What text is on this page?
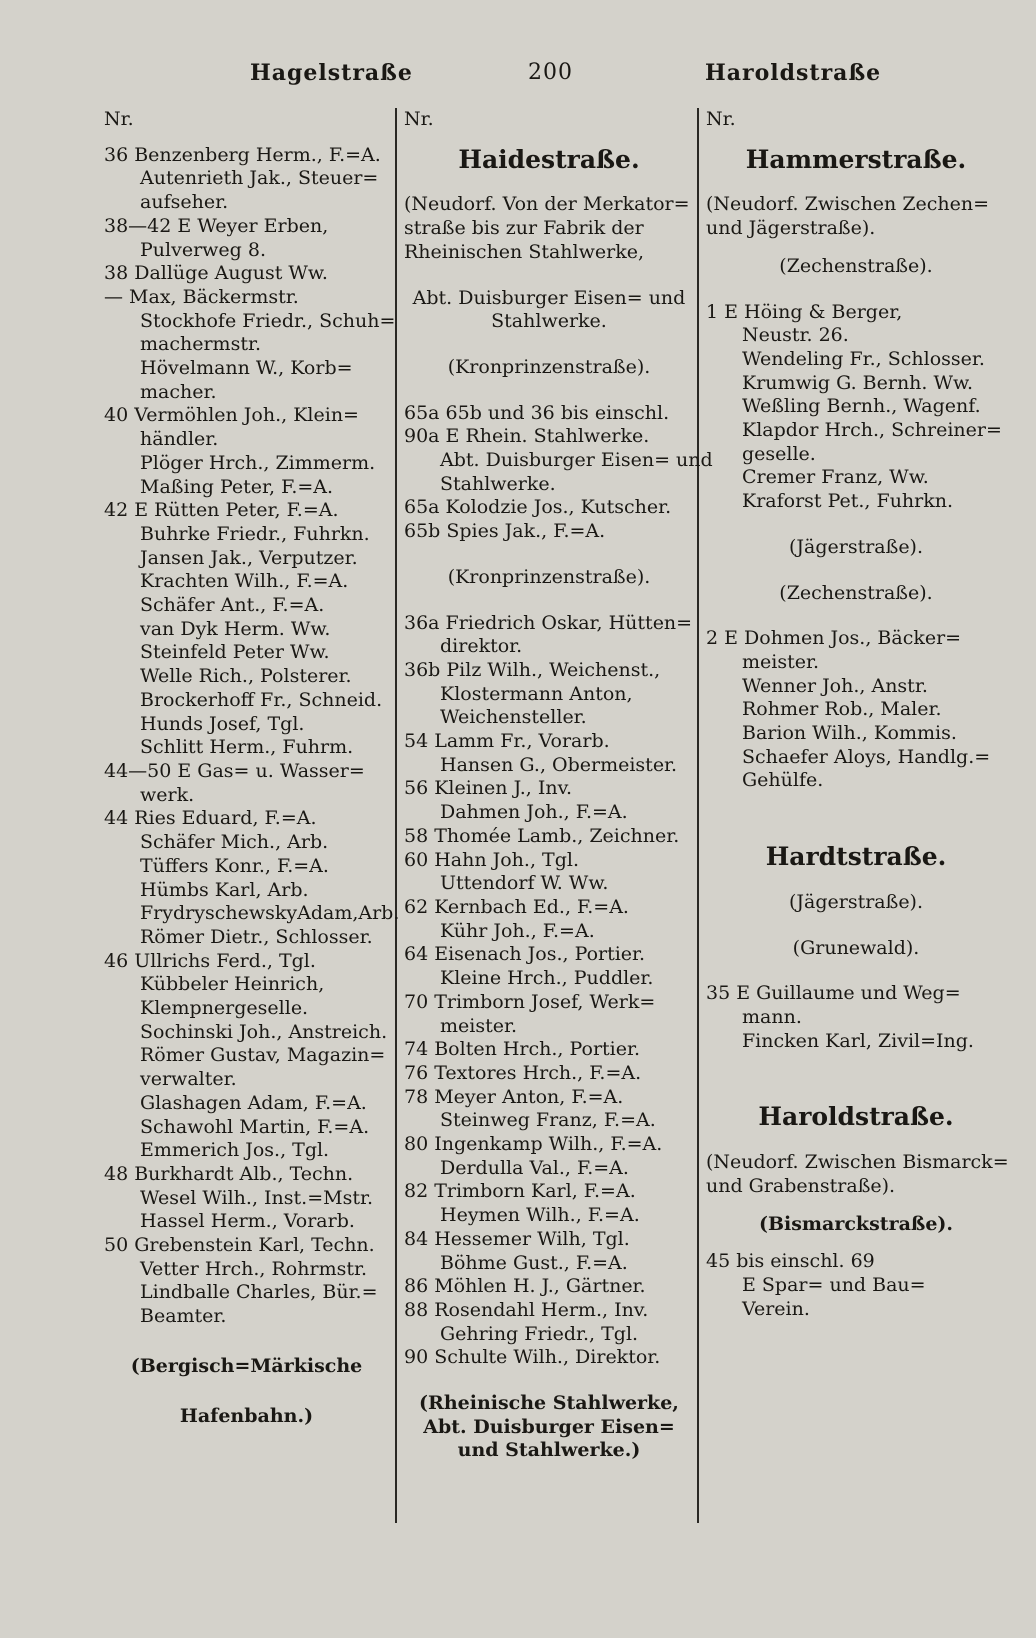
Hagelstraße	200	Haroldstraße
Nr.
36 Benzenberg Herm., F.=A.
Autenrieth Jak., Steuer=
aufseher.
38—42 E Weyer Erben,
Pulverweg 8.
38 Dallüge August Ww.
— Max, Bäckermstr.
Stockhofe Friedr., Schuh=
machermstr.
Hövelmann W., Korb=
macher.
40 Vermöhlen Joh., Klein=
händler.
Plöger Hrch., Zimmerm.
Maßing Peter, F.=A.
42 E Rütten Peter, F.=A.
Buhrke Friedr., Fuhrkn.
Jansen Jak., Verputzer.
Krachten Wilh., F.=A.
Schäfer Ant., F.=A.
van Dyk Herm. Ww.
Steinfeld Peter Ww.
Welle Rich., Polsterer.
Brockerhoff Fr., Schneid.
Hunds Josef, Tgl.
Schlitt Herm., Fuhrm.
44—50 E Gas= u. Wasser=
werk.
44 Ries Eduard, F.=A.
Schäfer Mich., Arb.
Tüffers Konr., F.=A.
Hümbs Karl, Arb.
FrydryschewskyAdam,Arb.
Römer Dietr., Schlosser.
46 Ullrichs Ferd., Tgl.
Kübbeler Heinrich,
Klempnergeselle.
Sochinski Joh., Anstreich.
Römer Gustav, Magazin=
verwalter.
Glashagen Adam, F.=A.
Schawohl Martin, F.=A.
Emmerich Jos., Tgl.
48 Burkhardt Alb., Techn.
Wesel Wilh., Inst.=Mstr.
Hassel Herm., Vorarb.
50 Grebenstein Karl, Techn.
Vetter Hrch., Rohrmstr.
Lindballe Charles, Bür.=
Beamter.
(Bergisch=Märkische
Hafenbahn.)
Nr.
Haidestraße.
(Neudorf. Von der Merkator=
straße bis zur Fabrik der
Rheinischen Stahlwerke,
Abt. Duisburger Eisen= und
Stahlwerke.
(Kronprinzenstraße).
65a 65b und 36 bis einschl.
90a E Rhein. Stahlwerke.
Abt. Duisburger Eisen= und
Stahlwerke.
65a Kolodzie Jos., Kutscher.
65b Spies Jak., F.=A.
(Kronprinzenstraße).
36a Friedrich Oskar, Hütten=
direktor.
36b Pilz Wilh., Weichenst.,
Klostermann Anton,
Weichensteller.
54 Lamm Fr., Vorarb.
Hansen G., Obermeister.
56 Kleinen J., Inv.
Dahmen Joh., F.=A.
58 Thomée Lamb., Zeichner.
60 Hahn Joh., Tgl.
Uttendorf W. Ww.
62 Kernbach Ed., F.=A.
Kühr Joh., F.=A.
64 Eisenach Jos., Portier.
Kleine Hrch., Puddler.
70 Trimborn Josef, Werk=
meister.
74 Bolten Hrch., Portier.
76 Textores Hrch., F.=A.
78 Meyer Anton, F.=A.
Steinweg Franz, F.=A.
80 Ingenkamp Wilh., F.=A.
Derdulla Val., F.=A.
82 Trimborn Karl, F.=A.
Heymen Wilh., F.=A.
84 Hessemer Wilh, Tgl.
Böhme Gust., F.=A.
86 Möhlen H. J., Gärtner.
88 Rosendahl Herm., Inv.
Gehring Friedr., Tgl.
90 Schulte Wilh., Direktor.
(Rheinische Stahlwerke,
Abt. Duisburger Eisen=
und Stahlwerke.)
Nr.
Hammerstraße.
(Neudorf. Zwischen Zechen=
und Jägerstraße).
(Zechenstraße).
1 E Höing & Berger,
Neustr. 26.
Wendeling Fr., Schlosser.
Krumwig G. Bernh. Ww.
Weßling Bernh., Wagenf.
Klapdor Hrch., Schreiner=
geselle.
Cremer Franz, Ww.
Kraforst Pet., Fuhrkn.
(Jägerstraße).
(Zechenstraße).
2 E Dohmen Jos., Bäcker=
meister.
Wenner Joh., Anstr.
Rohmer Rob., Maler.
Barion Wilh., Kommis.
Schaefer Aloys, Handlg.=
Gehülfe.
Hardtstraße.
(Jägerstraße).
(Grunewald).
35 E Guillaume und Weg=
mann.
Fincken Karl, Zivil=Ing.
Haroldstraße.
(Neudorf. Zwischen Bismarck=
und Grabenstraße).
(Bismarckstraße).
45 bis einschl. 69
E Spar= und Bau=
Verein.
